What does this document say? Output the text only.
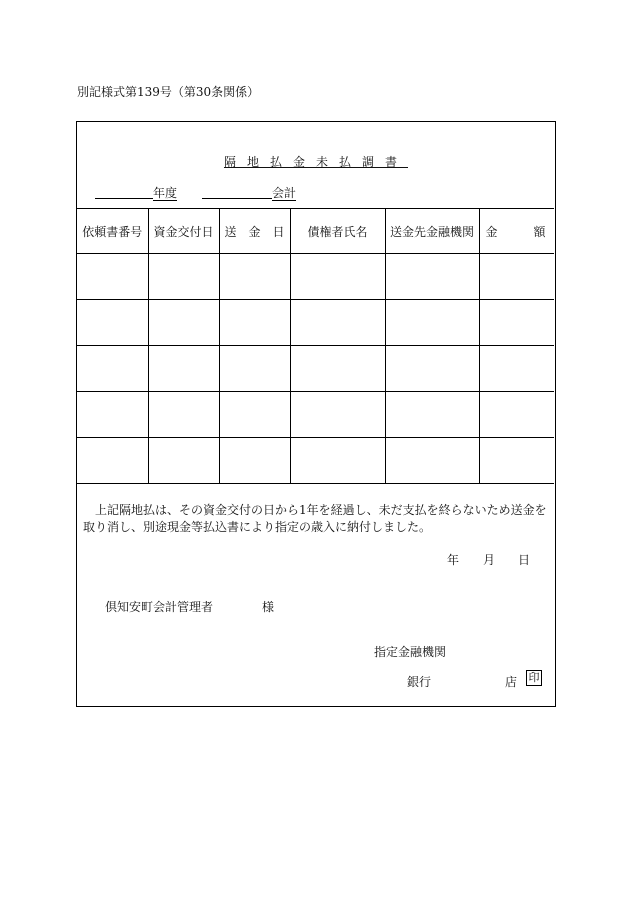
別記様式第139号（第30条関係）
隔地払金未払調書
年度	会計
依頼書番号	資金交付日	送　金　日	債権者氏名	送金先金融機関	金　　　額

上記隔地払は、その資金交付の日から1年を経過し、未だ支払を終らないため送金を取り消し、別途現金等払込書により指定の歳入に納付しました。
年 月 日
倶知安町会計管理者	様
指定金融機関
銀行	店 印
